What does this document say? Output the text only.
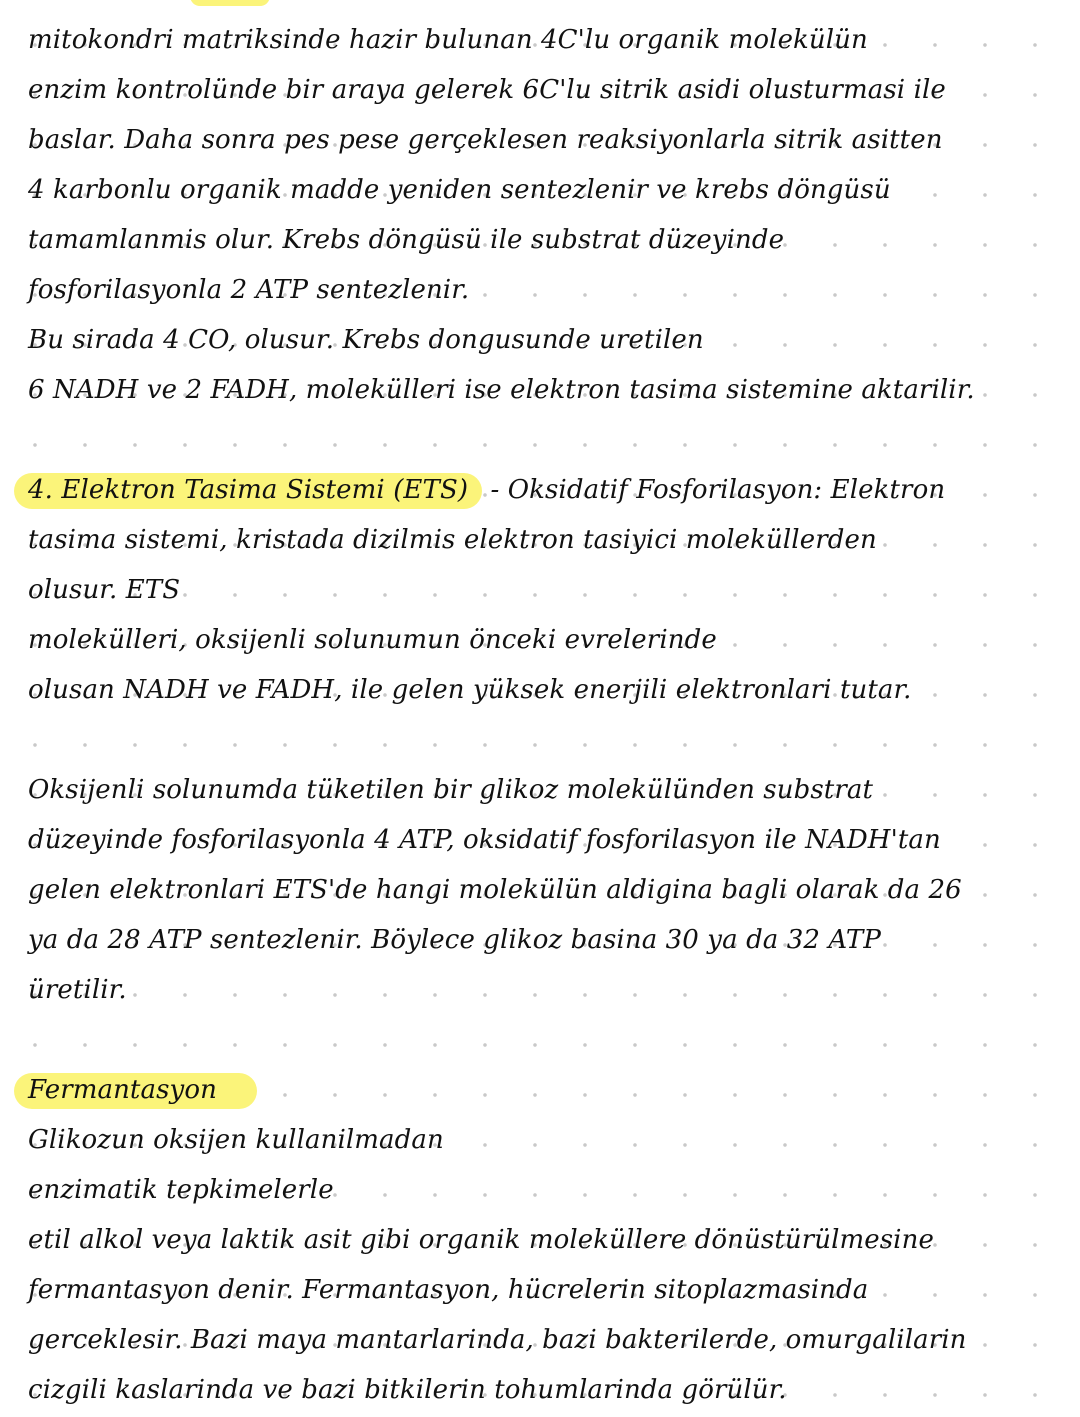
mitokondri matriksinde hazir bulunan 4C'lu organik molekülün
enzim kontrolünde bir araya gelerek 6C'lu sitrik asidi olusturmasi ile
baslar. Daha sonra pes pese gerçeklesen reaksiyonlarla sitrik asitten
4 karbonlu organik madde yeniden sentezlenir ve krebs döngüsü
tamamlanmis olur. Krebs döngüsü ile substrat düzeyinde
fosforilasyonla 2 ATP sentezlenir.
Bu sirada 4 CO, olusur. Krebs dongusunde uretilen
6 NADH ve 2 FADH, molekülleri ise elektron tasima sistemine aktarilir.
4. Elektron Tasima Sistemi (ETS) - Oksidatif Fosforilasyon: Elektron
tasima sistemi, kristada dizilmis elektron tasiyici moleküllerden
olusur. ETS
molekülleri, oksijenli solunumun önceki evrelerinde
olusan NADH ve FADH, ile gelen yüksek enerjili elektronlari tutar.
Oksijenli solunumda tüketilen bir glikoz molekülünden substrat
düzeyinde fosforilasyonla 4 ATP, oksidatif fosforilasyon ile NADH'tan
gelen elektronlari ETS'de hangi molekülün aldigina bagli olarak da 26
ya da 28 ATP sentezlenir. Böylece glikoz basina 30 ya da 32 ATP
üretilir.
Fermantasyon
Glikozun oksijen kullanilmadan
enzimatik tepkimelerle
etil alkol veya laktik asit gibi organik moleküllere dönüstürülmesine
fermantasyon denir. Fermantasyon, hücrelerin sitoplazmasinda
gerceklesir. Bazi maya mantarlarinda, bazi bakterilerde, omurgalilarin
cizgili kaslarinda ve bazi bitkilerin tohumlarinda görülür.
